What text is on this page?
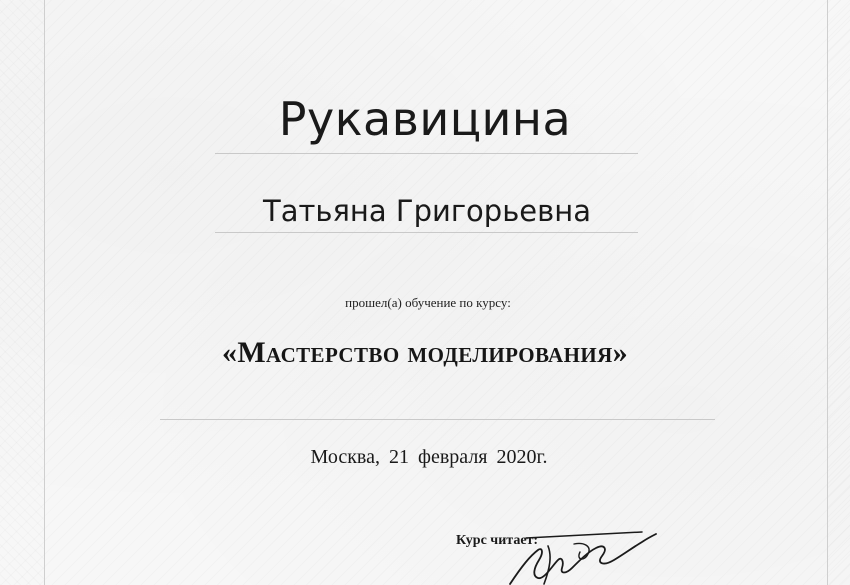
Рукавицина
Татьяна Григорьевна
прошел(а) обучение по курсу:
«Мастерство моделирования»
Москва, 21 февраля 2020г.
Курс читает:
